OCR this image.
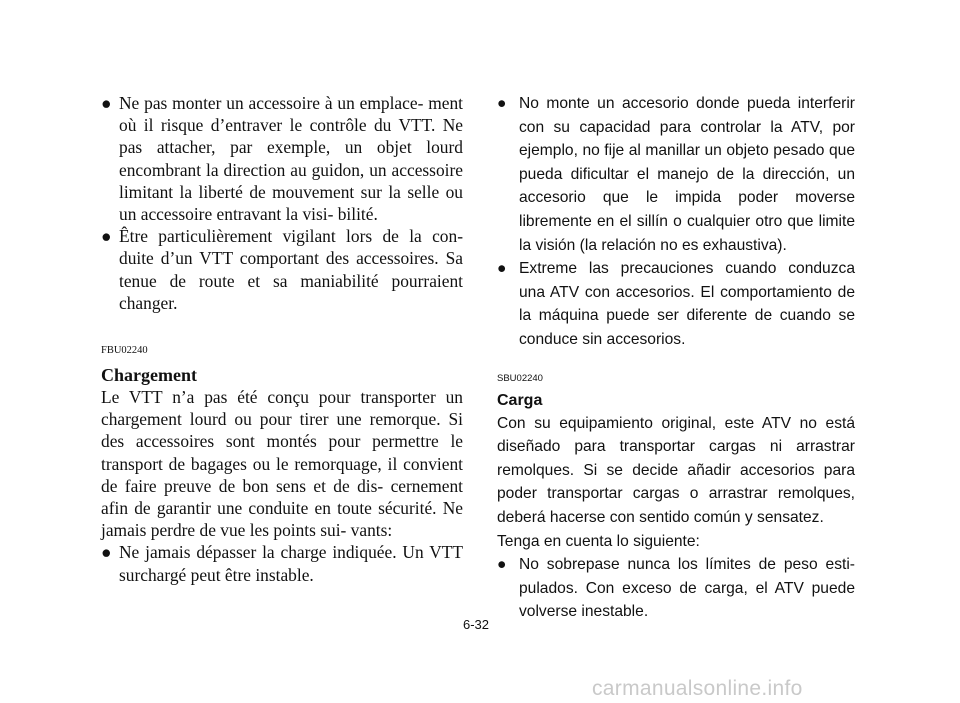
● Ne pas monter un accessoire à un emplace- ment où il risque d’entraver le contrôle du VTT. Ne pas attacher, par exemple, un objet lourd encombrant la direction au guidon, un accessoire limitant la liberté de mouvement sur la selle ou un accessoire entravant la visi- bilité.
● Être particulièrement vigilant lors de la con- duite d’un VTT comportant des accessoires. Sa tenue de route et sa maniabilité pourraient changer.
FBU02240
Chargement

Le VTT n’a pas été conçu pour transporter un chargement lourd ou pour tirer une remorque. Si des accessoires sont montés pour permettre le transport de bagages ou le remorquage, il convient de faire preuve de bon sens et de dis- cernement afin de garantir une conduite en toute sécurité. Ne jamais perdre de vue les points sui- vants:

● Ne jamais dépasser la charge indiquée. Un VTT surchargé peut être instable.
● No monte un accesorio donde pueda interferir con su capacidad para controlar la ATV, por ejemplo, no fije al manillar un objeto pesado que pueda dificultar el manejo de la dirección, un accesorio que le impida poder moverse libremente en el sillín o cualquier otro que limite la visión (la relación no es exhaustiva).
● Extreme las precauciones cuando conduzca una ATV con accesorios. El comportamiento de la máquina puede ser diferente de cuando se conduce sin accesorios.
SBU02240
Carga

Con su equipamiento original, este ATV no está diseñado para transportar cargas ni arrastrar remolques. Si se decide añadir accesorios para poder transportar cargas o arrastrar remolques, deberá hacerse con sentido común y sensatez.

Tenga en cuenta lo siguiente:

● No sobrepase nunca los límites de peso esti- pulados. Con exceso de carga, el ATV puede volverse inestable.
6-32
carmanualsonline.info
